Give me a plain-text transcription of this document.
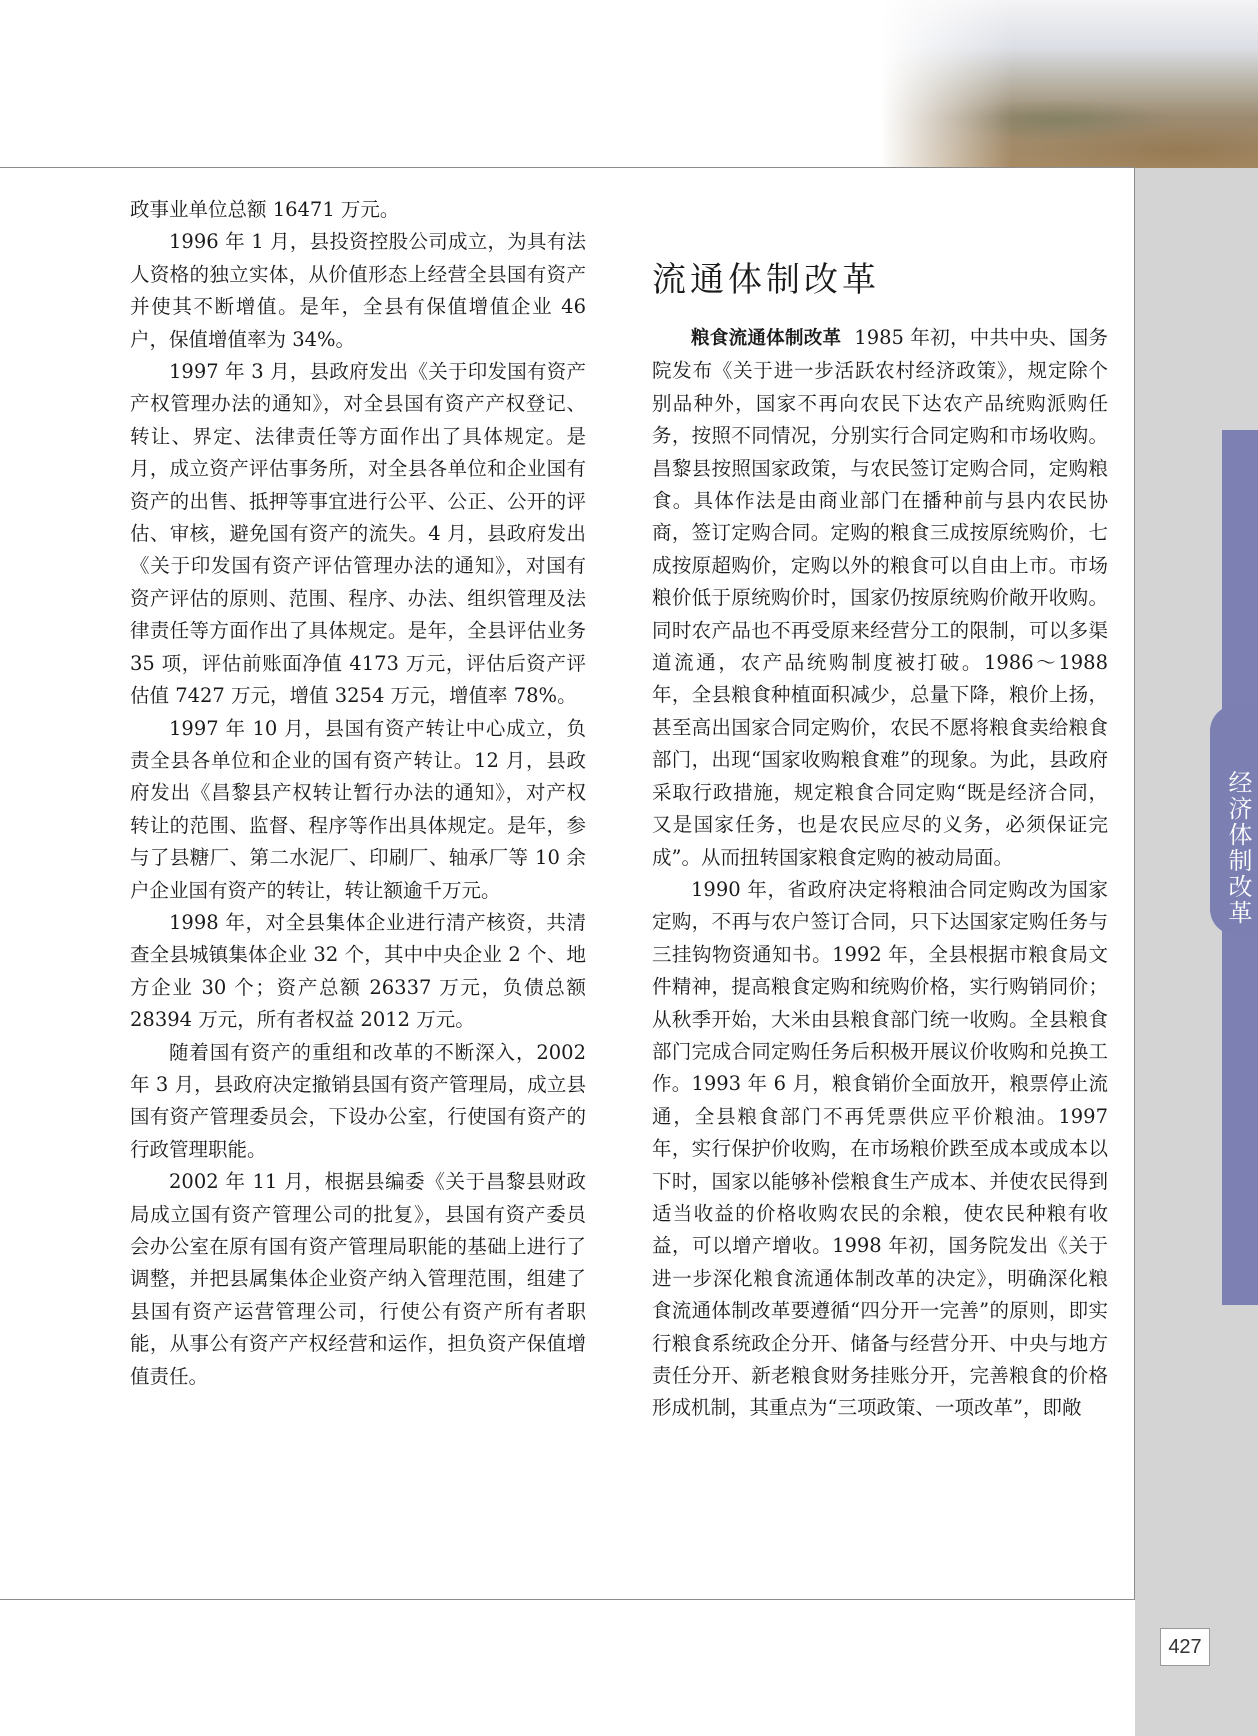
经济体制改革

政事业单位总额 16471 万元。

1996 年 1 月，县投资控股公司成立，为具有法人资格的独立实体，从价值形态上经营全县国有资产并使其不断增值。是年，全县有保值增值企业 46 户，保值增值率为 34%。

1997 年 3 月，县政府发出《关于印发国有资产产权管理办法的通知》，对全县国有资产产权登记、转让、界定、法律责任等方面作出了具体规定。是月，成立资产评估事务所，对全县各单位和企业国有资产的出售、抵押等事宜进行公平、公正、公开的评估、审核，避免国有资产的流失。4 月，县政府发出《关于印发国有资产评估管理办法的通知》，对国有资产评估的原则、范围、程序、办法、组织管理及法律责任等方面作出了具体规定。是年，全县评估业务 35 项，评估前账面净值 4173 万元，评估后资产评估值 7427 万元，增值 3254 万元，增值率 78%。

1997 年 10 月，县国有资产转让中心成立，负责全县各单位和企业的国有资产转让。12 月，县政府发出《昌黎县产权转让暂行办法的通知》，对产权转让的范围、监督、程序等作出具体规定。是年，参与了县糖厂、第二水泥厂、印刷厂、轴承厂等 10 余户企业国有资产的转让，转让额逾千万元。

1998 年，对全县集体企业进行清产核资，共清查全县城镇集体企业 32 个，其中中央企业 2 个、地方企业 30 个；资产总额 26337 万元，负债总额 28394 万元，所有者权益 2012 万元。

随着国有资产的重组和改革的不断深入，2002 年 3 月，县政府决定撤销县国有资产管理局，成立县国有资产管理委员会，下设办公室，行使国有资产的行政管理职能。

2002 年 11 月，根据县编委《关于昌黎县财政局成立国有资产管理公司的批复》，县国有资产委员会办公室在原有国有资产管理局职能的基础上进行了调整，并把县属集体企业资产纳入管理范围，组建了县国有资产运营管理公司，行使公有资产所有者职能，从事公有资产产权经营和运作，担负资产保值增值责任。

流通体制改革

粮食流通体制改革 1985 年初，中共中央、国务院发布《关于进一步活跃农村经济政策》，规定除个别品种外，国家不再向农民下达农产品统购派购任务，按照不同情况，分别实行合同定购和市场收购。昌黎县按照国家政策，与农民签订定购合同，定购粮食。具体作法是由商业部门在播种前与县内农民协商，签订定购合同。定购的粮食三成按原统购价，七成按原超购价，定购以外的粮食可以自由上市。市场粮价低于原统购价时，国家仍按原统购价敞开收购。同时农产品也不再受原来经营分工的限制，可以多渠道流通，农产品统购制度被打破。1986～1988 年，全县粮食种植面积减少，总量下降，粮价上扬，甚至高出国家合同定购价，农民不愿将粮食卖给粮食部门，出现“国家收购粮食难”的现象。为此，县政府采取行政措施，规定粮食合同定购“既是经济合同，又是国家任务，也是农民应尽的义务，必须保证完成”。从而扭转国家粮食定购的被动局面。

1990 年，省政府决定将粮油合同定购改为国家定购，不再与农户签订合同，只下达国家定购任务与三挂钩物资通知书。1992 年，全县根据市粮食局文件精神，提高粮食定购和统购价格，实行购销同价；从秋季开始，大米由县粮食部门统一收购。全县粮食部门完成合同定购任务后积极开展议价收购和兑换工作。1993 年 6 月，粮食销价全面放开，粮票停止流通，全县粮食部门不再凭票供应平价粮油。1997 年，实行保护价收购，在市场粮价跌至成本或成本以下时，国家以能够补偿粮食生产成本、并使农民得到适当收益的价格收购农民的余粮，使农民种粮有收益，可以增产增收。1998 年初，国务院发出《关于进一步深化粮食流通体制改革的决定》，明确深化粮食流通体制改革要遵循“四分开一完善”的原则，即实行粮食系统政企分开、储备与经营分开、中央与地方责任分开、新老粮食财务挂账分开，完善粮食的价格形成机制，其重点为“三项政策、一项改革”，即敞

427
